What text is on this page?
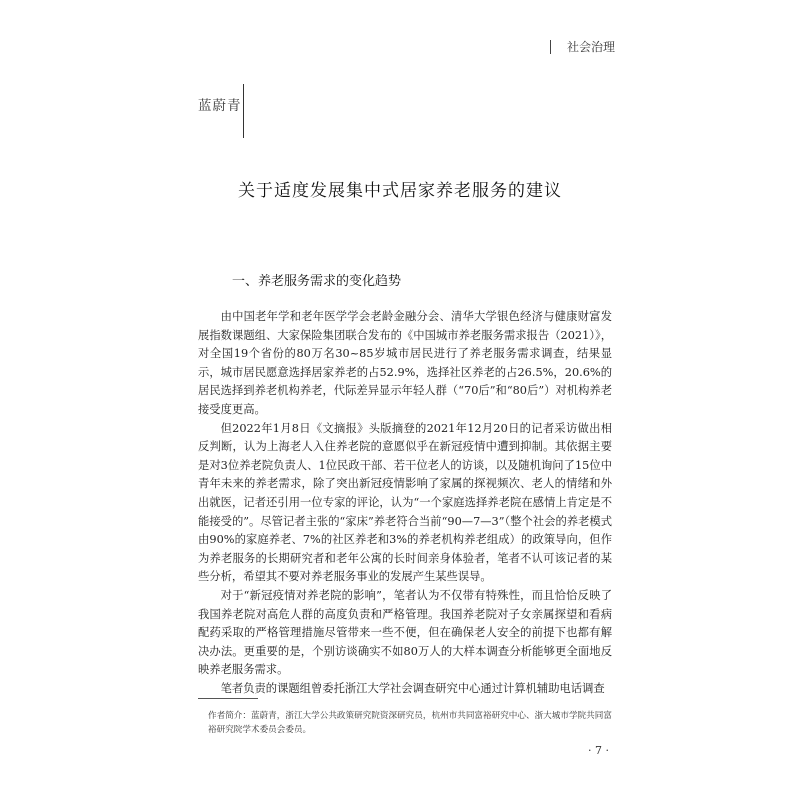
社会治理
蓝蔚青
关于适度发展集中式居家养老服务的建议
一、养老服务需求的变化趋势

由中国老年学和老年医学学会老龄金融分会、清华大学银色经济与健康财富发展指数课题组、大家保险集团联合发布的《中国城市养老服务需求报告（2021）》，对全国19个省份的80万名30~85岁城市居民进行了养老服务需求调查，结果显示，城市居民愿意选择居家养老的占52.9%，选择社区养老的占26.5%，20.6%的居民选择到养老机构养老，代际差异显示年轻人群（“70后”和“80后”）对机构养老接受度更高。

但2022年1月8日《文摘报》头版摘登的2021年12月20日的记者采访做出相反判断，认为上海老人入住养老院的意愿似乎在新冠疫情中遭到抑制。其依据主要是对3位养老院负责人、1位民政干部、若干位老人的访谈，以及随机询问了15位中青年未来的养老需求，除了突出新冠疫情影响了家属的探视频次、老人的情绪和外出就医，记者还引用一位专家的评论，认为“一个家庭选择养老院在感情上肯定是不能接受的”。尽管记者主张的“家床”养老符合当前“90—7—3”（整个社会的养老模式由90%的家庭养老、7%的社区养老和3%的养老机构养老组成）的政策导向，但作为养老服务的长期研究者和老年公寓的长时间亲身体验者，笔者不认可该记者的某些分析，希望其不要对养老服务事业的发展产生某些误导。

对于“新冠疫情对养老院的影响”，笔者认为不仅带有特殊性，而且恰恰反映了我国养老院对高危人群的高度负责和严格管理。我国养老院对子女亲属探望和看病配药采取的严格管理措施尽管带来一些不便，但在确保老人安全的前提下也都有解决办法。更重要的是，个别访谈确实不如80万人的大样本调查分析能够更全面地反映养老服务需求。

笔者负责的课题组曾委托浙江大学社会调查研究中心通过计算机辅助电话调查

作者简介：蓝蔚青，浙江大学公共政策研究院资深研究员，杭州市共同富裕研究中心、浙大城市学院共同富裕研究院学术委员会委员。
· 7 ·
